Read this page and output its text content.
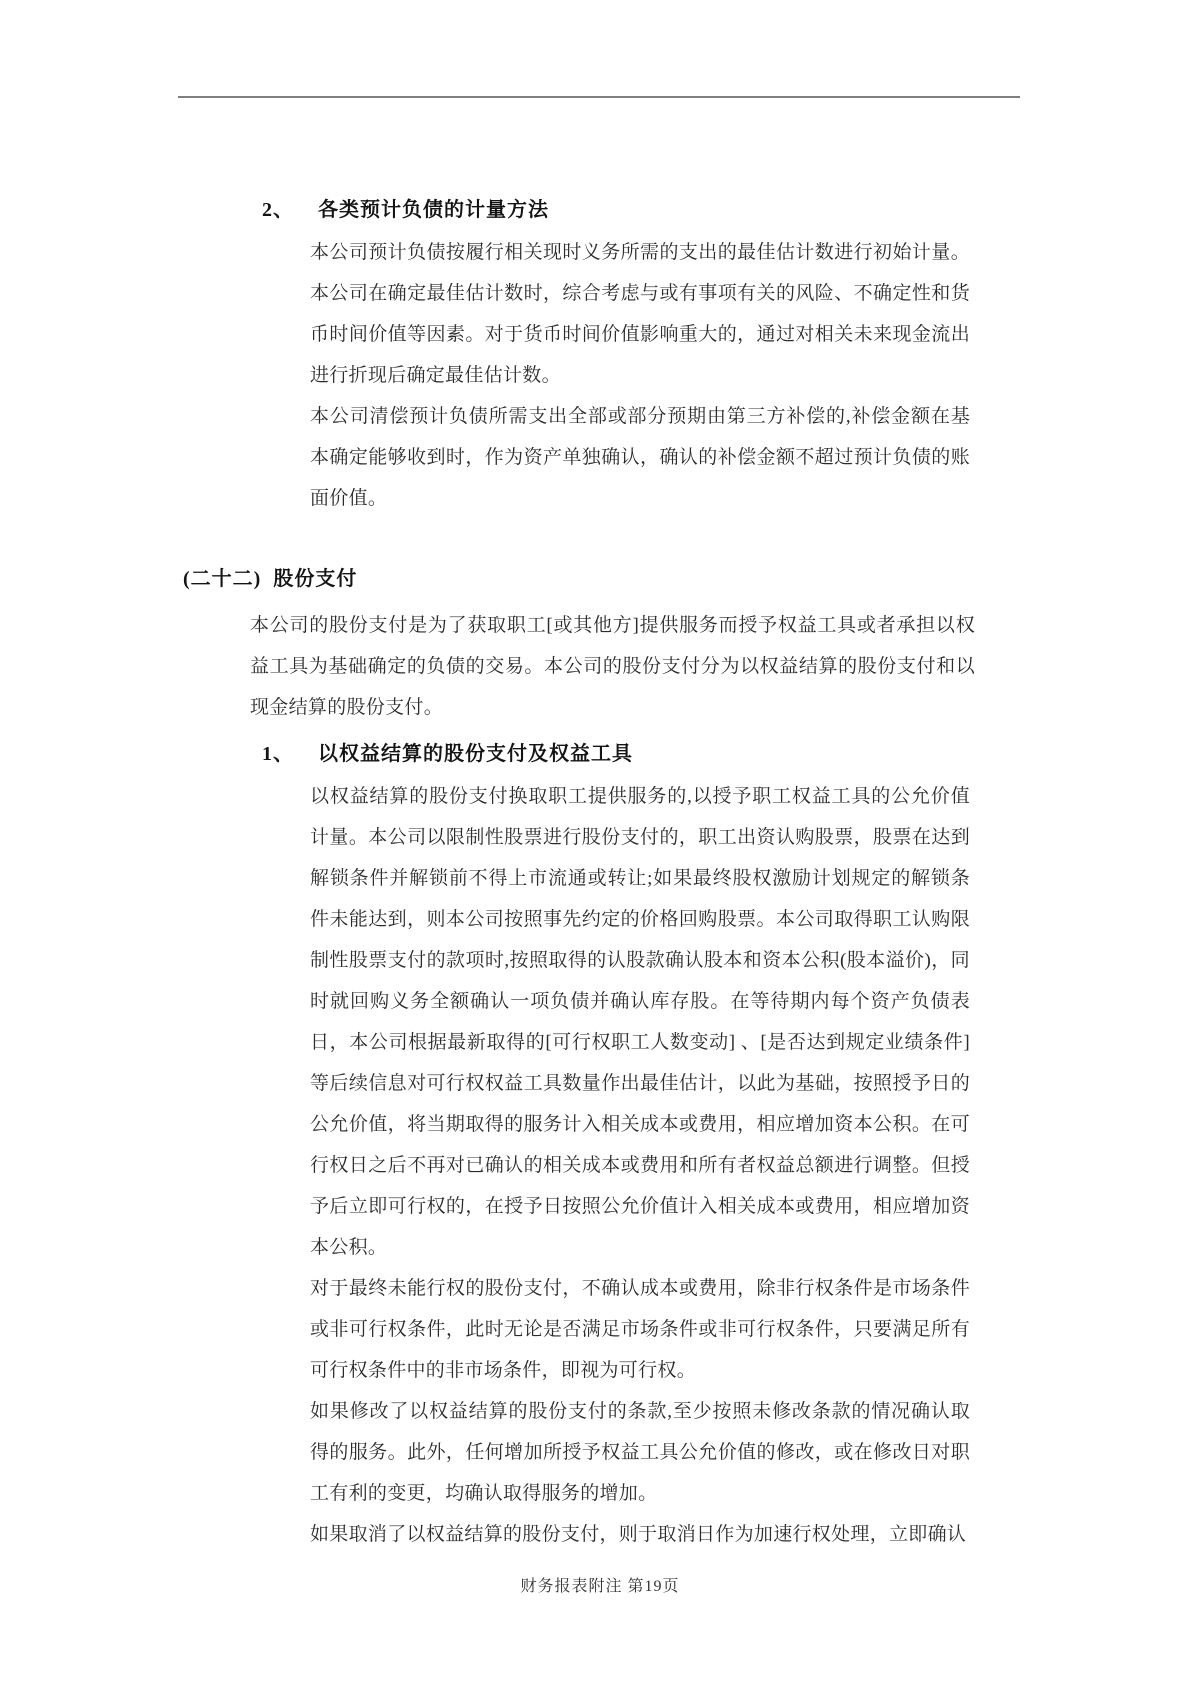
2、 各类预计负债的计量方法

本公司预计负债按履行相关现时义务所需的支出的最佳估计数进行初始计量。本公司在确定最佳估计数时，综合考虑与或有事项有关的风险、不确定性和货币时间价值等因素。对于货币时间价值影响重大的，通过对相关未来现金流出进行折现后确定最佳估计数。

本公司清偿预计负债所需支出全部或部分预期由第三方补偿的,补偿金额在基本确定能够收到时，作为资产单独确认，确认的补偿金额不超过预计负债的账面价值。

(二十二) 股份支付

本公司的股份支付是为了获取职工[或其他方]提供服务而授予权益工具或者承担以权益工具为基础确定的负债的交易。本公司的股份支付分为以权益结算的股份支付和以现金结算的股份支付。

1、 以权益结算的股份支付及权益工具

以权益结算的股份支付换取职工提供服务的,以授予职工权益工具的公允价值计量。本公司以限制性股票进行股份支付的，职工出资认购股票，股票在达到解锁条件并解锁前不得上市流通或转让;如果最终股权激励计划规定的解锁条件未能达到，则本公司按照事先约定的价格回购股票。本公司取得职工认购限制性股票支付的款项时,按照取得的认股款确认股本和资本公积(股本溢价)，同时就回购义务全额确认一项负债并确认库存股。在等待期内每个资产负债表日，本公司根据最新取得的[可行权职工人数变动] 、[是否达到规定业绩条件]等后续信息对可行权权益工具数量作出最佳估计，以此为基础，按照授予日的公允价值，将当期取得的服务计入相关成本或费用，相应增加资本公积。在可行权日之后不再对已确认的相关成本或费用和所有者权益总额进行调整。但授予后立即可行权的，在授予日按照公允价值计入相关成本或费用，相应增加资本公积。

对于最终未能行权的股份支付，不确认成本或费用，除非行权条件是市场条件或非可行权条件，此时无论是否满足市场条件或非可行权条件，只要满足所有可行权条件中的非市场条件，即视为可行权。

如果修改了以权益结算的股份支付的条款,至少按照未修改条款的情况确认取得的服务。此外，任何增加所授予权益工具公允价值的修改，或在修改日对职工有利的变更，均确认取得服务的增加。

如果取消了以权益结算的股份支付，则于取消日作为加速行权处理，立即确认

财务报表附注 第19页
